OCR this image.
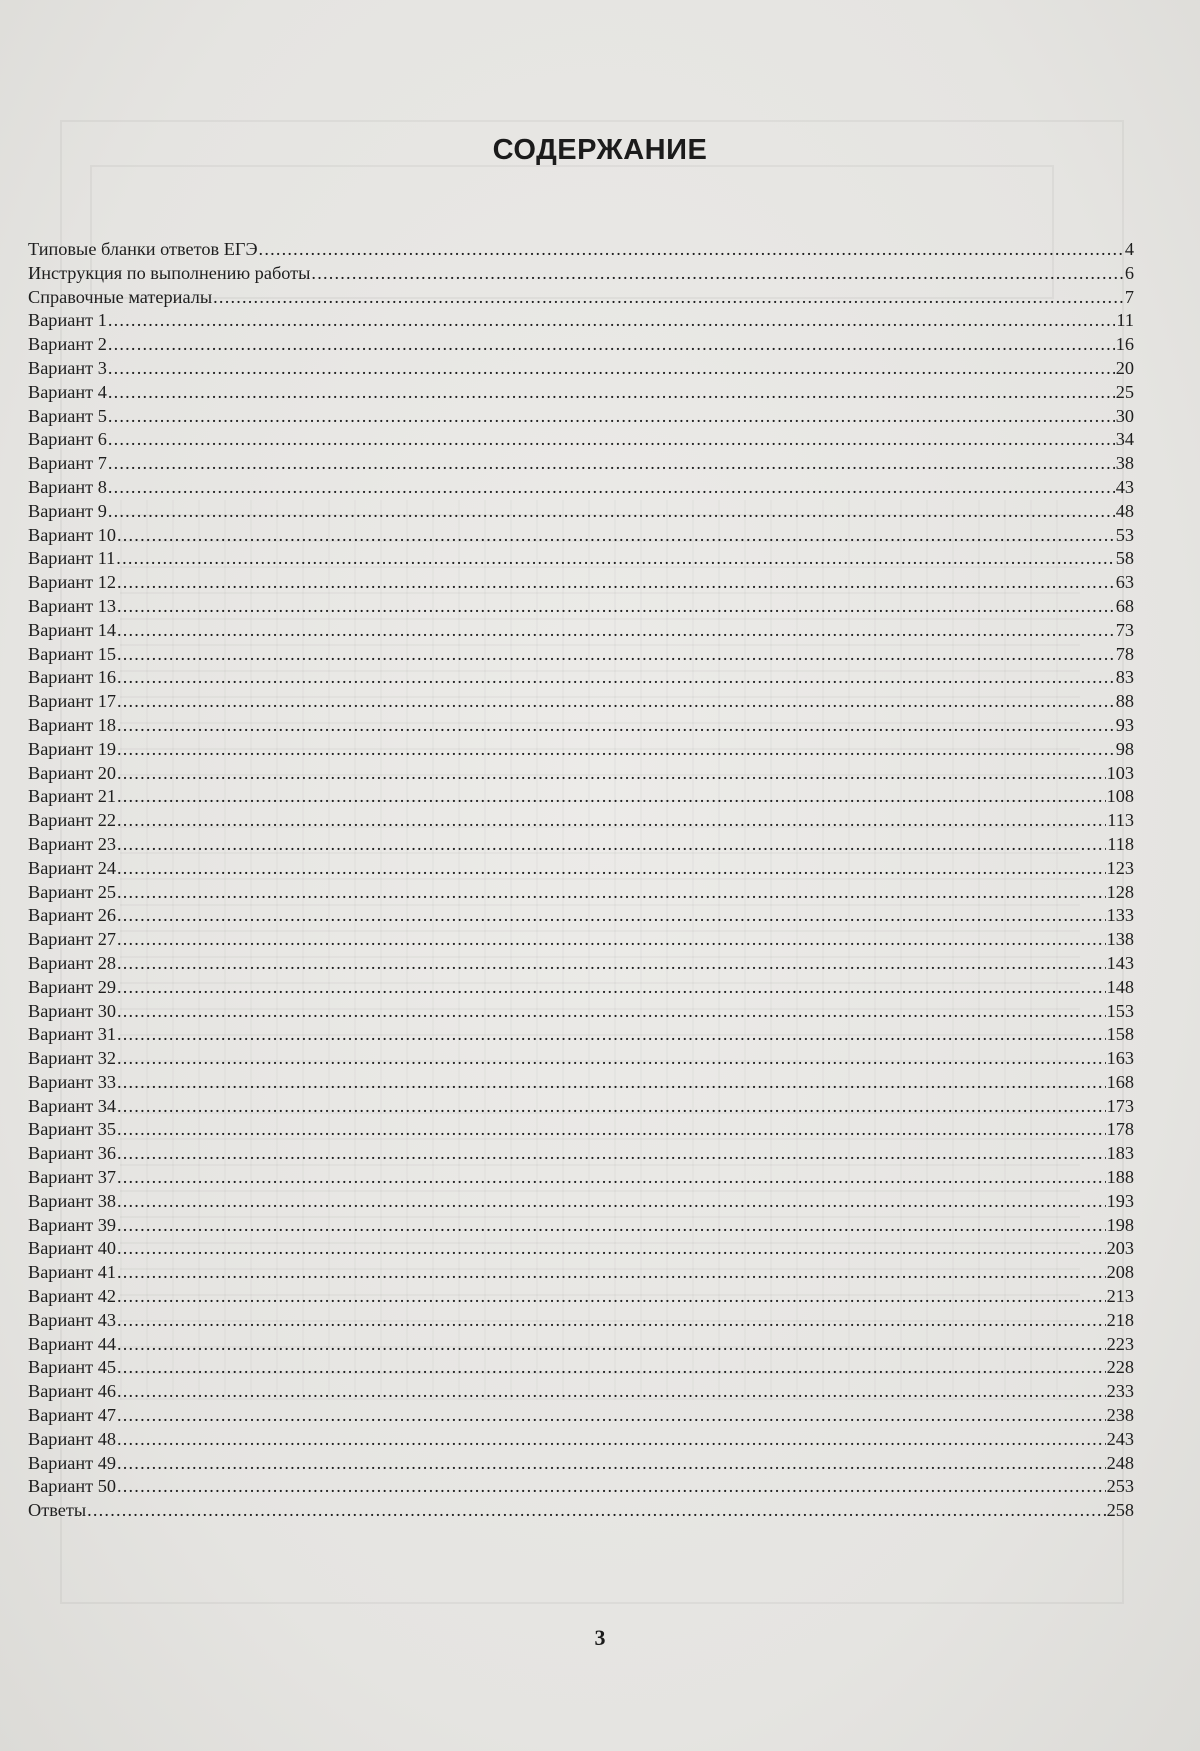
СОДЕРЖАНИЕ
Типовые бланки ответов ЕГЭ .....	4
Инструкция по выполнению работы .....	6
Справочные материалы .....	7
Вариант 1 .....	11
Вариант 2 .....	16
Вариант 3 .....	20
Вариант 4 .....	25
Вариант 5 .....	30
Вариант 6 .....	34
Вариант 7 .....	38
Вариант 8 .....	43
Вариант 9 .....	48
Вариант 10 .....	53
Вариант 11 .....	58
Вариант 12 .....	63
Вариант 13 .....	68
Вариант 14 .....	73
Вариант 15 .....	78
Вариант 16 .....	83
Вариант 17 .....	88
Вариант 18 .....	93
Вариант 19 .....	98
Вариант 20 .....	103
Вариант 21 .....	108
Вариант 22 .....	113
Вариант 23 .....	118
Вариант 24 .....	123
Вариант 25 .....	128
Вариант 26 .....	133
Вариант 27 .....	138
Вариант 28 .....	143
Вариант 29 .....	148
Вариант 30 .....	153
Вариант 31 .....	158
Вариант 32 .....	163
Вариант 33 .....	168
Вариант 34 .....	173
Вариант 35 .....	178
Вариант 36 .....	183
Вариант 37 .....	188
Вариант 38 .....	193
Вариант 39 .....	198
Вариант 40 .....	203
Вариант 41 .....	208
Вариант 42 .....	213
Вариант 43 .....	218
Вариант 44 .....	223
Вариант 45 .....	228
Вариант 46 .....	233
Вариант 47 .....	238
Вариант 48 .....	243
Вариант 49 .....	248
Вариант 50 .....	253
Ответы .....	258
3
